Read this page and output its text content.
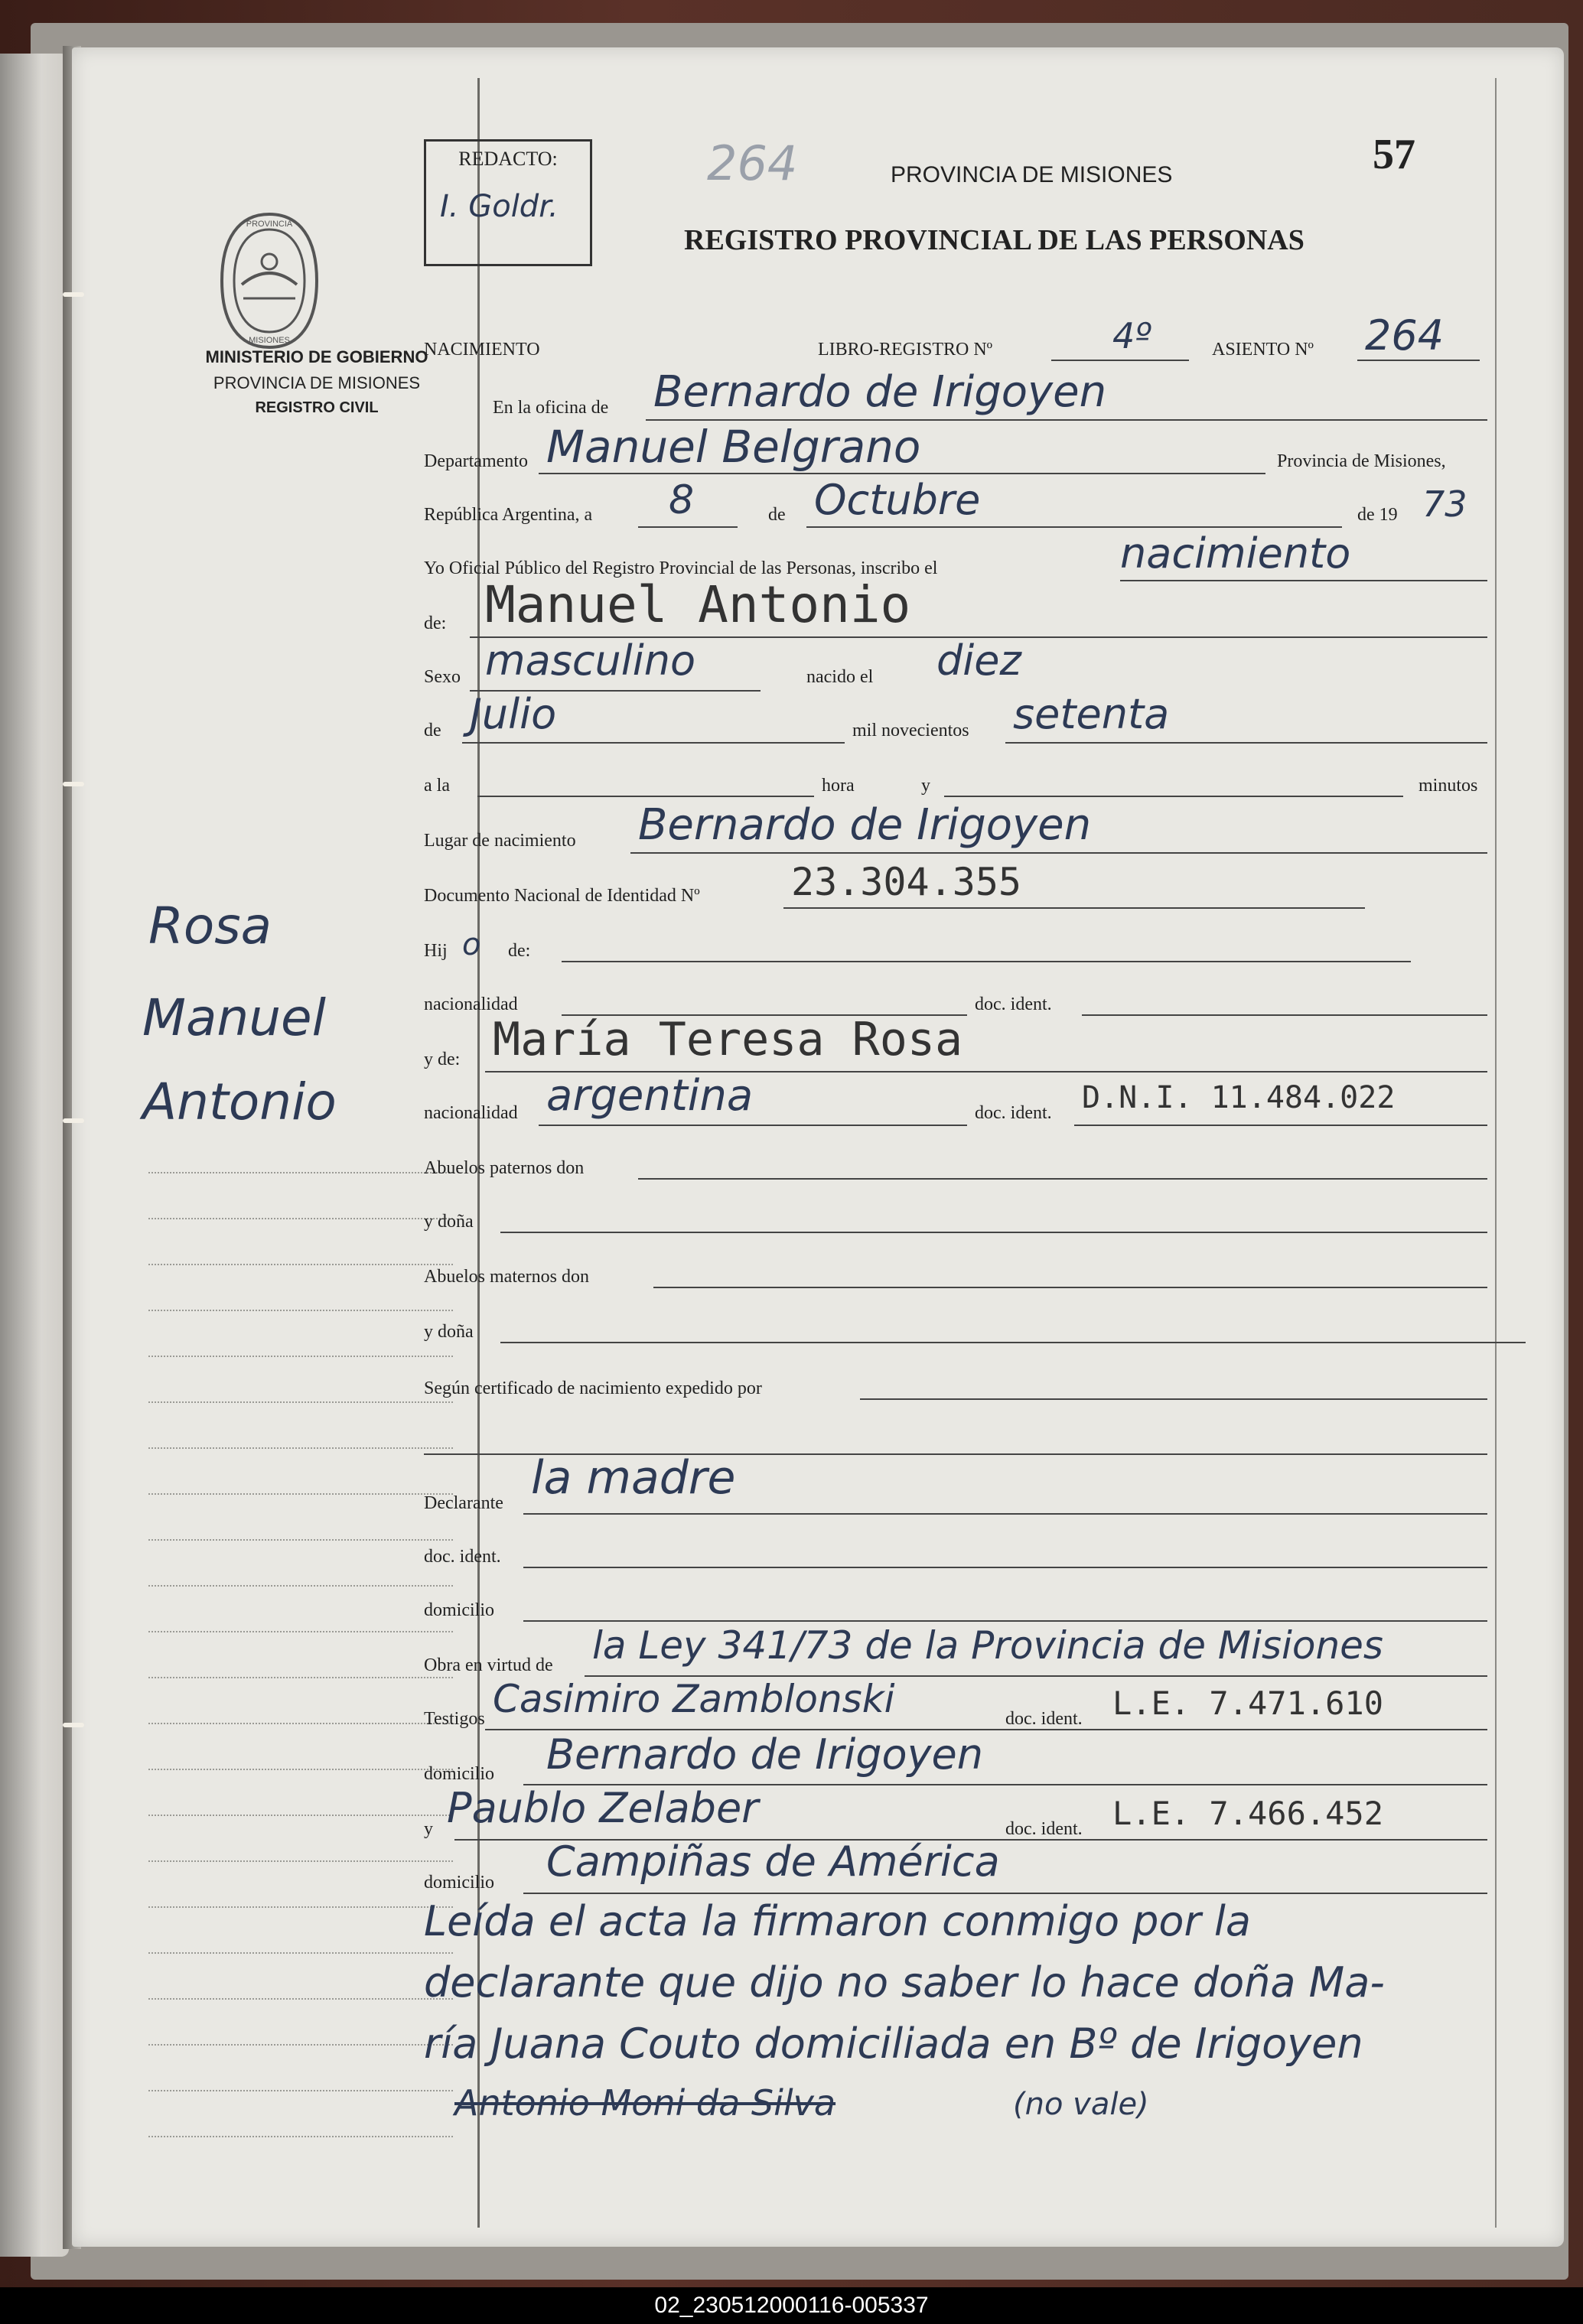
PROVINCIA
MISIONES
MINISTERIO DE GOBIERNO
PROVINCIA DE MISIONES
REGISTRO CIVIL
Rosa
Manuel
Antonio
REDACTO:
I. Goldr.
264	PROVINCIA DE MISIONES	57
REGISTRO PROVINCIAL DE LAS PERSONAS
NACIMIENTO	LIBRO-REGISTRO Nº	4º	ASIENTO Nº 264
En la oficina de Bernardo de Irigoyen
Departamento Manuel Belgrano	Provincia de Misiones,
República Argentina, a 8	de Octubre	de 19 73
Yo Oficial Público del Registro Provincial de las Personas, inscribo el	nacimiento
de: Manuel Antonio
Sexo masculino	nacido el diez
de Julio	mil novecientos setenta
a la	hora	y	minutos
Lugar de nacimiento Bernardo de Irigoyen
Documento Nacional de Identidad Nº 23.304.355
Hij o de:
nacionalidad	doc. ident.
y de: María Teresa Rosa
nacionalidad argentina	doc. ident. D.N.I. 11.484.022
Abuelos paternos don
y doña
Abuelos maternos don
y doña
Según certificado de nacimiento expedido por
Declarante la madre
doc. ident.
domicilio
Obra en virtud de la Ley 341/73 de la Provincia de Misiones
Testigos Casimiro Zamblonski	doc. ident. L.E. 7.471.610
domicilio Bernardo de Irigoyen
y Paublo Zelaber	doc. ident. L.E. 7.466.452
domicilio Campiñas de América
Leída el acta la firmaron conmigo por la
declarante que dijo no saber lo hace doña Ma-
ría Juana Couto domiciliada en Bº de Irigoyen
Antonio Moni da Silva	(no vale)
02_230512000116-005337
